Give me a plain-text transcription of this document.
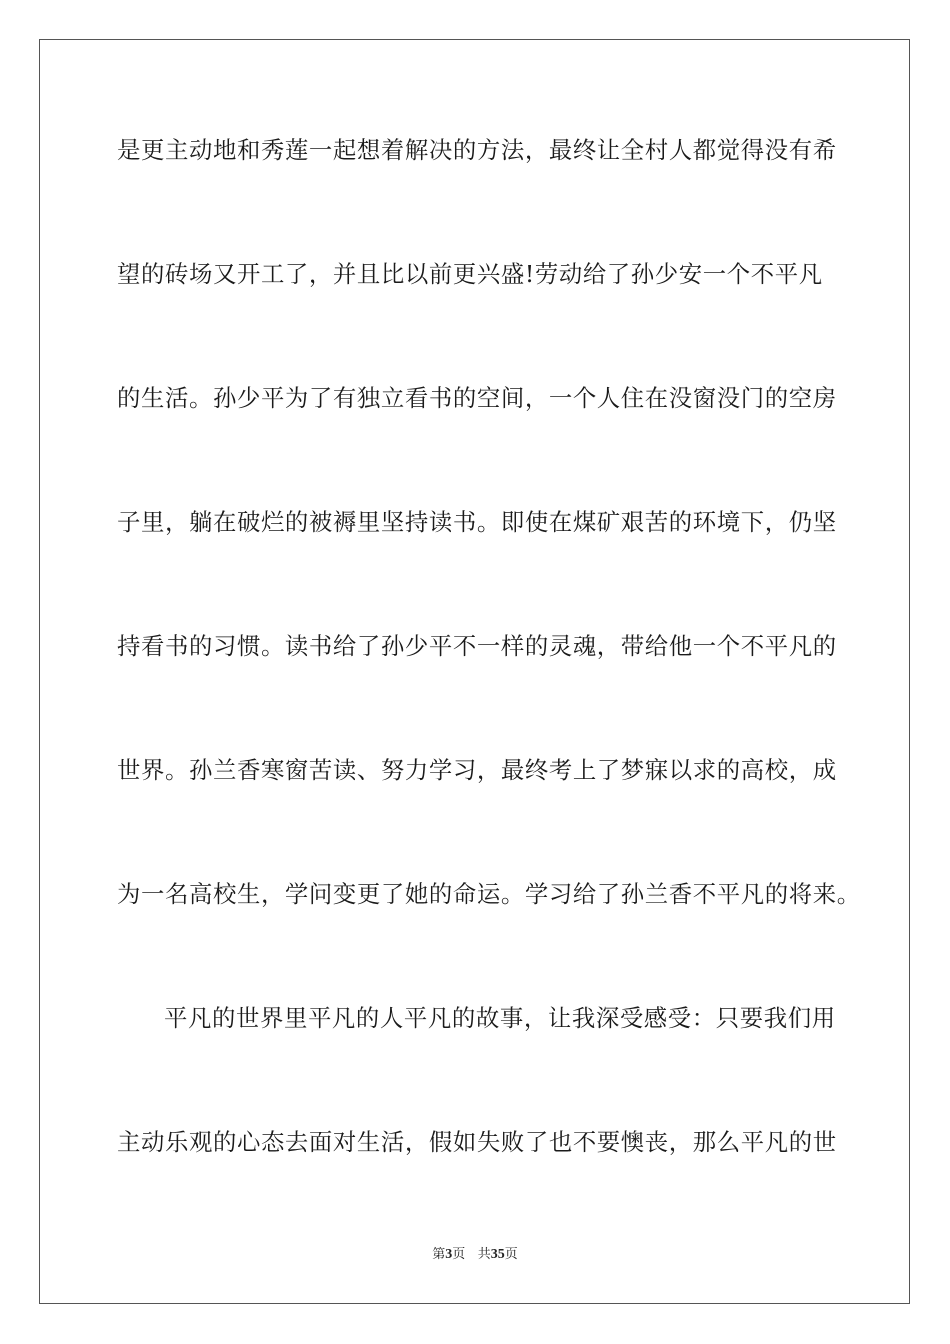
是更主动地和秀莲一起想着解决的方法，最终让全村人都觉得没有希

望的砖场又开工了，并且比以前更兴盛!劳动给了孙少安一个不平凡

的生活。孙少平为了有独立看书的空间，一个人住在没窗没门的空房

子里，躺在破烂的被褥里坚持读书。即使在煤矿艰苦的环境下，仍坚

持看书的习惯。读书给了孙少平不一样的灵魂，带给他一个不平凡的

世界。孙兰香寒窗苦读、努力学习，最终考上了梦寐以求的高校，成

为一名高校生，学问变更了她的命运。学习给了孙兰香不平凡的将来。

平凡的世界里平凡的人平凡的故事，让我深受感受：只要我们用

主动乐观的心态去面对生活，假如失败了也不要懊丧，那么平凡的世

第3页 共35页
